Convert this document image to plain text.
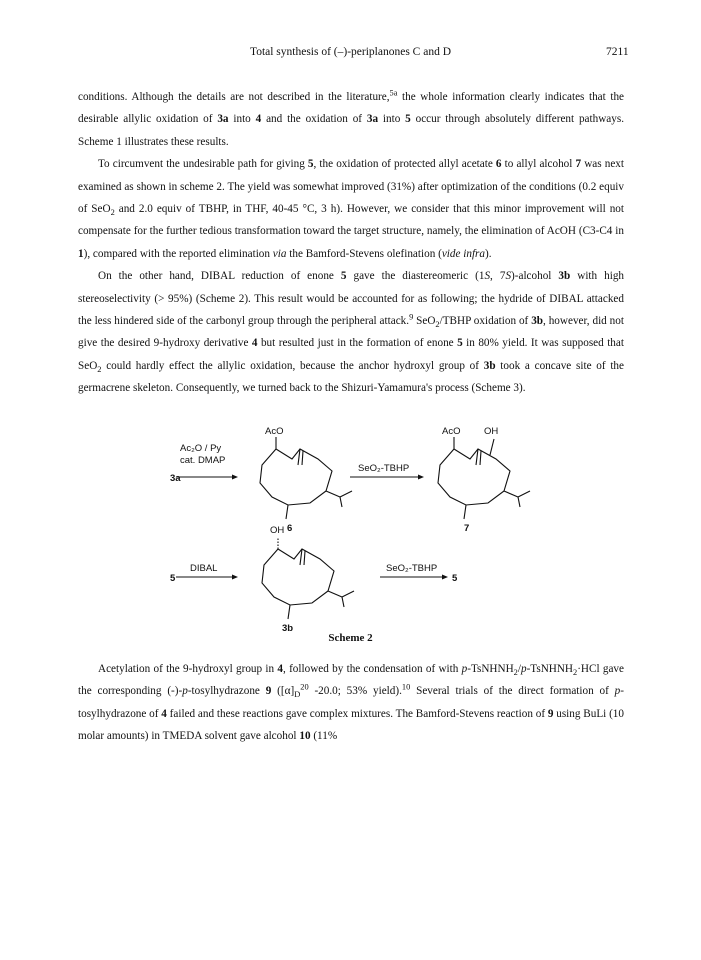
Total synthesis of (–)-periplanones C and D	7211

conditions. Although the details are not described in the literature,$^{5a}$ the whole information clearly indicates that the desirable allylic oxidation of 3a into 4 and the oxidation of 3a into 5 occur through absolutely different pathways. Scheme 1 illustrates these results.

To circumvent the undesirable path for giving 5, the oxidation of protected allyl acetate 6 to allyl alcohol 7 was next examined as shown in scheme 2. The yield was somewhat improved (31%) after optimization of the conditions (0.2 equiv of SeO$_2$ and 2.0 equiv of TBHP, in THF, 40-45 °C, 3 h). However, we consider that this minor improvement will not compensate for the further tedious transformation toward the target structure, namely, the elimination of AcOH (C3-C4 in 1), compared with the reported elimination via the Bamford-Stevens olefination (vide infra).

On the other hand, DIBAL reduction of enone 5 gave the diastereomeric (1S, 7S)-alcohol 3b with high stereoselectivity (> 95%) (Scheme 2). This result would be accounted for as following; the hydride of DIBAL attacked the less hindered side of the carbonyl group through the peripheral attack.$^9$ SeO$_2$/TBHP oxidation of 3b, however, did not give the desired 9-hydroxy derivative 4 but resulted just in the formation of enone 5 in 80% yield. It was supposed that SeO$_2$ could hardly effect the allylic oxidation, because the anchor hydroxyl group of 3b took a concave site of the germacrene skeleton. Consequently, we turned back to the Shizuri-Yamamura's process (Scheme 3).

Ac₂O / Py
cat. DMAP
3a
SeO₂-TBHP
AcO
6
AcO OH
7
5
DIBAL
OH
3b
SeO₂-TBHP
5
Scheme 2

Acetylation of the 9-hydroxyl group in 4, followed by the condensation of with p-TsNHNH$_2$/p-TsNHNH$_2$·HCl gave the corresponding (-)-p-tosylhydrazone 9 ($[\alpha]_D^{20}$ -20.0; 53% yield).$^{10}$ Several trials of the direct formation of p-tosylhydrazone of 4 failed and these reactions gave complex mixtures. The Bamford-Stevens reaction of 9 using BuLi (10 molar amounts) in TMEDA solvent gave alcohol 10 (11%
